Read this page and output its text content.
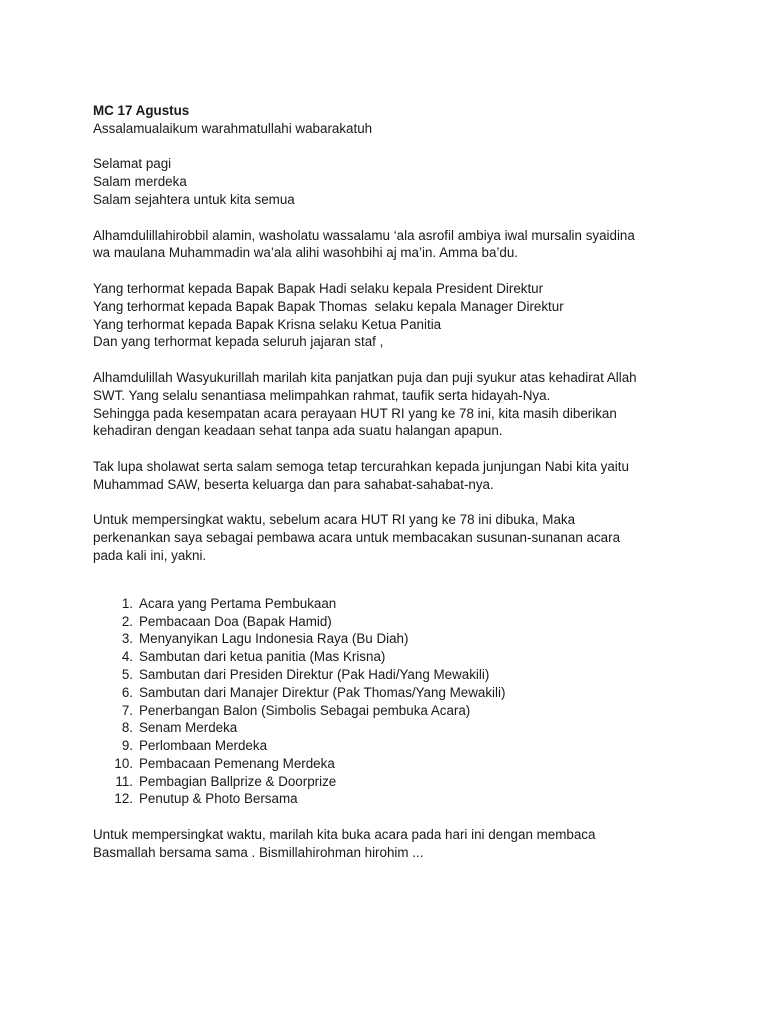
MC 17 Agustus
Assalamualaikum warahmatullahi wabarakatuh
Selamat pagi
Salam merdeka
Salam sejahtera untuk kita semua
Alhamdulillahirobbil alamin, washolatu wassalamu ‘ala asrofil ambiya iwal mursalin syaidina
wa maulana Muhammadin wa’ala alihi wasohbihi aj ma’in. Amma ba’du.
Yang terhormat kepada Bapak Bapak Hadi selaku kepala President Direktur
Yang terhormat kepada Bapak Bapak Thomas  selaku kepala Manager Direktur
Yang terhormat kepada Bapak Krisna selaku Ketua Panitia
Dan yang terhormat kepada seluruh jajaran staf ,
Alhamdulillah Wasyukurillah marilah kita panjatkan puja dan puji syukur atas kehadirat Allah
SWT. Yang selalu senantiasa melimpahkan rahmat, taufik serta hidayah-Nya.
Sehingga pada kesempatan acara perayaan HUT RI yang ke 78 ini, kita masih diberikan
kehadiran dengan keadaan sehat tanpa ada suatu halangan apapun.
Tak lupa sholawat serta salam semoga tetap tercurahkan kepada junjungan Nabi kita yaitu
Muhammad SAW, beserta keluarga dan para sahabat-sahabat-nya.
Untuk mempersingkat waktu, sebelum acara HUT RI yang ke 78 ini dibuka, Maka
perkenankan saya sebagai pembawa acara untuk membacakan susunan-sunanan acara
pada kali ini, yakni.
1. Acara yang Pertama Pembukaan
2. Pembacaan Doa (Bapak Hamid)
3. Menyanyikan Lagu Indonesia Raya (Bu Diah)
4. Sambutan dari ketua panitia (Mas Krisna)
5. Sambutan dari Presiden Direktur (Pak Hadi/Yang Mewakili)
6. Sambutan dari Manajer Direktur (Pak Thomas/Yang Mewakili)
7. Penerbangan Balon (Simbolis Sebagai pembuka Acara)
8. Senam Merdeka
9. Perlombaan Merdeka
10. Pembacaan Pemenang Merdeka
11. Pembagian Ballprize & Doorprize
12. Penutup & Photo Bersama
Untuk mempersingkat waktu, marilah kita buka acara pada hari ini dengan membaca
Basmallah bersama sama . Bismillahirohman hirohim ...
